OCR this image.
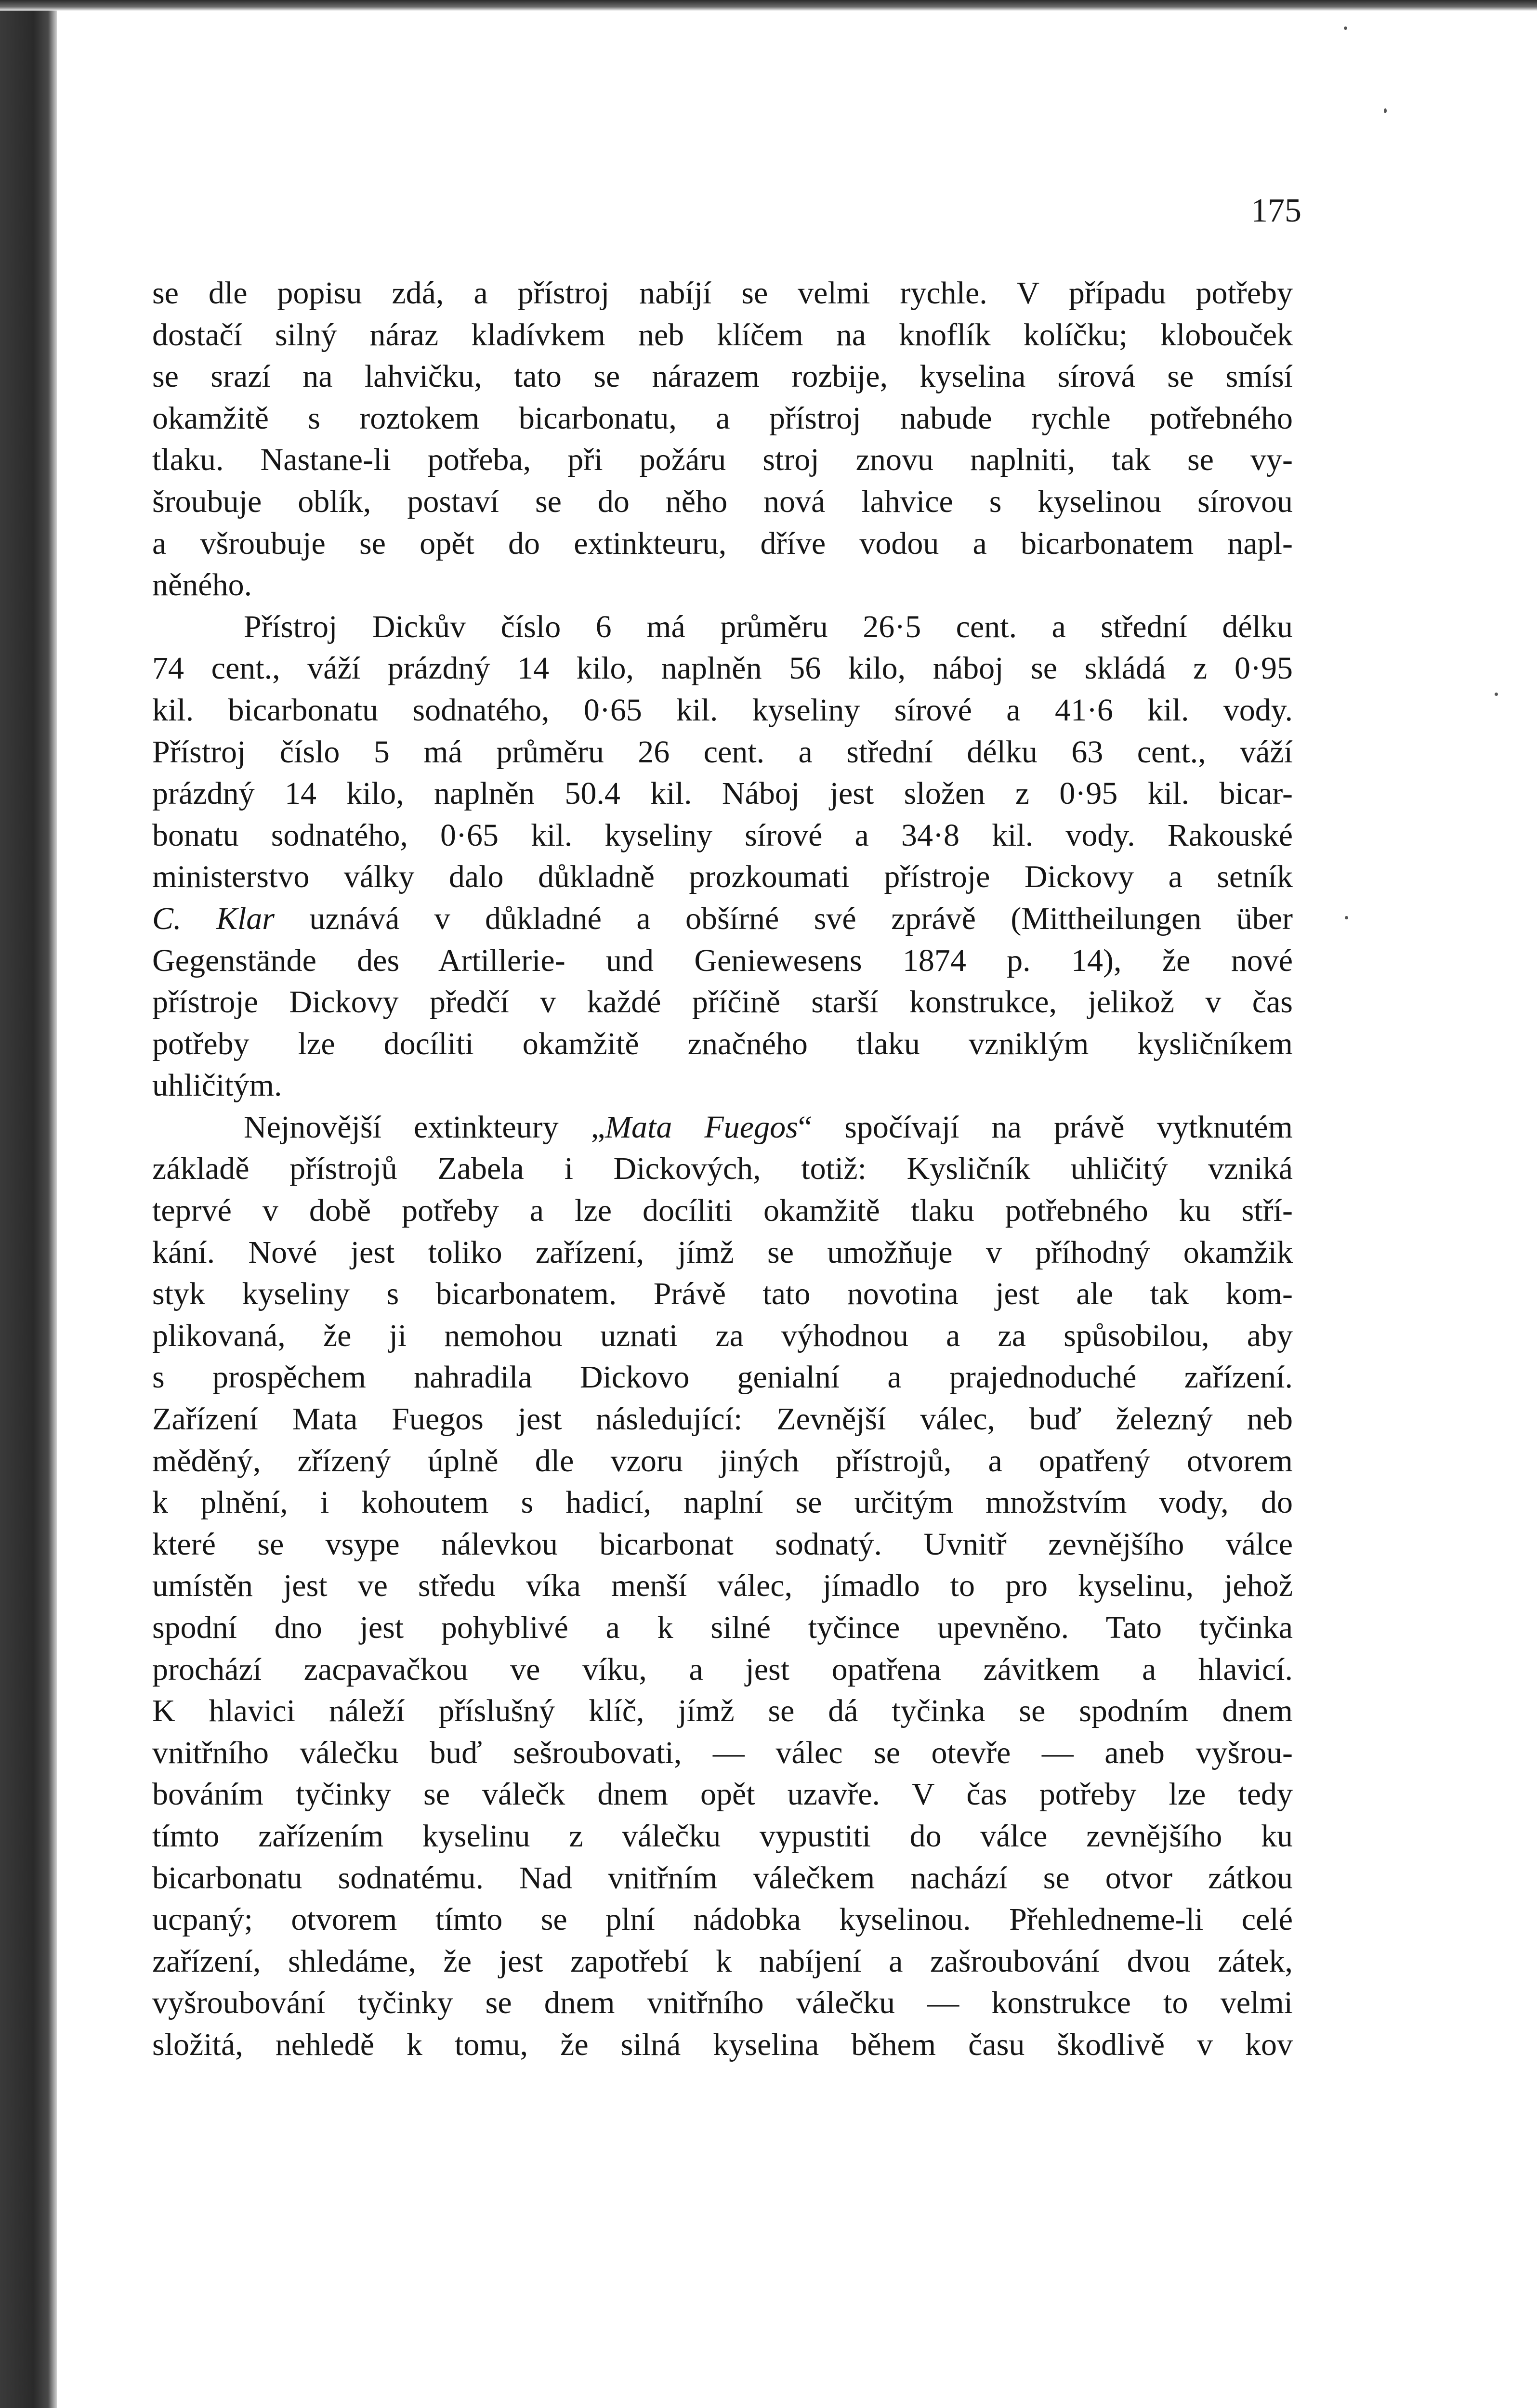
175
se dle popisu zdá, a přístroj nabíjí se velmi rychle. V případu potřeby
dostačí silný náraz kladívkem neb klíčem na knoflík kolíčku; klobouček
se srazí na lahvičku, tato se nárazem rozbije, kyselina sírová se smísí
okamžitě s roztokem bicarbonatu, a přístroj nabude rychle potřebného
tlaku. Nastane-li potřeba, při požáru stroj znovu naplniti, tak se vy-
šroubuje oblík, postaví se do něho nová lahvice s kyselinou sírovou
a všroubuje se opět do extinkteuru, dříve vodou a bicarbonatem napl-
něného.
Přístroj Dickův číslo 6 má průměru 26·5 cent. a střední délku
74 cent., váží prázdný 14 kilo, naplněn 56 kilo, náboj se skládá z 0·95
kil. bicarbonatu sodnatého, 0·65 kil. kyseliny sírové a 41·6 kil. vody.
Přístroj číslo 5 má průměru 26 cent. a střední délku 63 cent., váží
prázdný 14 kilo, naplněn 50.4 kil. Náboj jest složen z 0·95 kil. bicar-
bonatu sodnatého, 0·65 kil. kyseliny sírové a 34·8 kil. vody. Rakouské
ministerstvo války dalo důkladně prozkoumati přístroje Dickovy a setník
C. Klar uznává v důkladné a obšírné své zprávě (Mittheilungen über
Gegenstände des Artillerie- und Geniewesens 1874 p. 14), že nové
přístroje Dickovy předčí v každé příčině starší konstrukce, jelikož v čas
potřeby lze docíliti okamžitě značného tlaku vzniklým kysličníkem
uhličitým.
Nejnovější extinkteury „Mata Fuegos“ spočívají na právě vytknutém
základě přístrojů Zabela i Dickových, totiž: Kysličník uhličitý vzniká
teprvé v době potřeby a lze docíliti okamžitě tlaku potřebného ku stří-
kání. Nové jest toliko zařízení, jímž se umožňuje v příhodný okamžik
styk kyseliny s bicarbonatem. Právě tato novotina jest ale tak kom-
plikovaná, že ji nemohou uznati za výhodnou a za spůsobilou, aby
s prospěchem nahradila Dickovo genialní a prajednoduché zařízení.
Zařízení Mata Fuegos jest následující: Zevnější válec, buď železný neb
měděný, zřízený úplně dle vzoru jiných přístrojů, a opatřený otvorem
k plnění, i kohoutem s hadicí, naplní se určitým množstvím vody, do
které se vsype nálevkou bicarbonat sodnatý. Uvnitř zevnějšího válce
umístěn jest ve středu víka menší válec, jímadlo to pro kyselinu, jehož
spodní dno jest pohyblivé a k silné tyčince upevněno. Tato tyčinka
prochází zacpavačkou ve víku, a jest opatřena závitkem a hlavicí.
K hlavici náleží příslušný klíč, jímž se dá tyčinka se spodním dnem
vnitřního válečku buď sešroubovati, — válec se otevře — aneb vyšrou-
bováním tyčinky se válečk dnem opět uzavře. V čas potřeby lze tedy
tímto zařízením kyselinu z válečku vypustiti do válce zevnějšího ku
bicarbonatu sodnatému. Nad vnitřním válečkem nachází se otvor zátkou
ucpaný; otvorem tímto se plní nádobka kyselinou. Přehledneme-li celé
zařízení, shledáme, že jest zapotřebí k nabíjení a zašroubování dvou zátek,
vyšroubování tyčinky se dnem vnitřního válečku — konstrukce to velmi
složitá, nehledě k tomu, že silná kyselina během času škodlivě v kov
